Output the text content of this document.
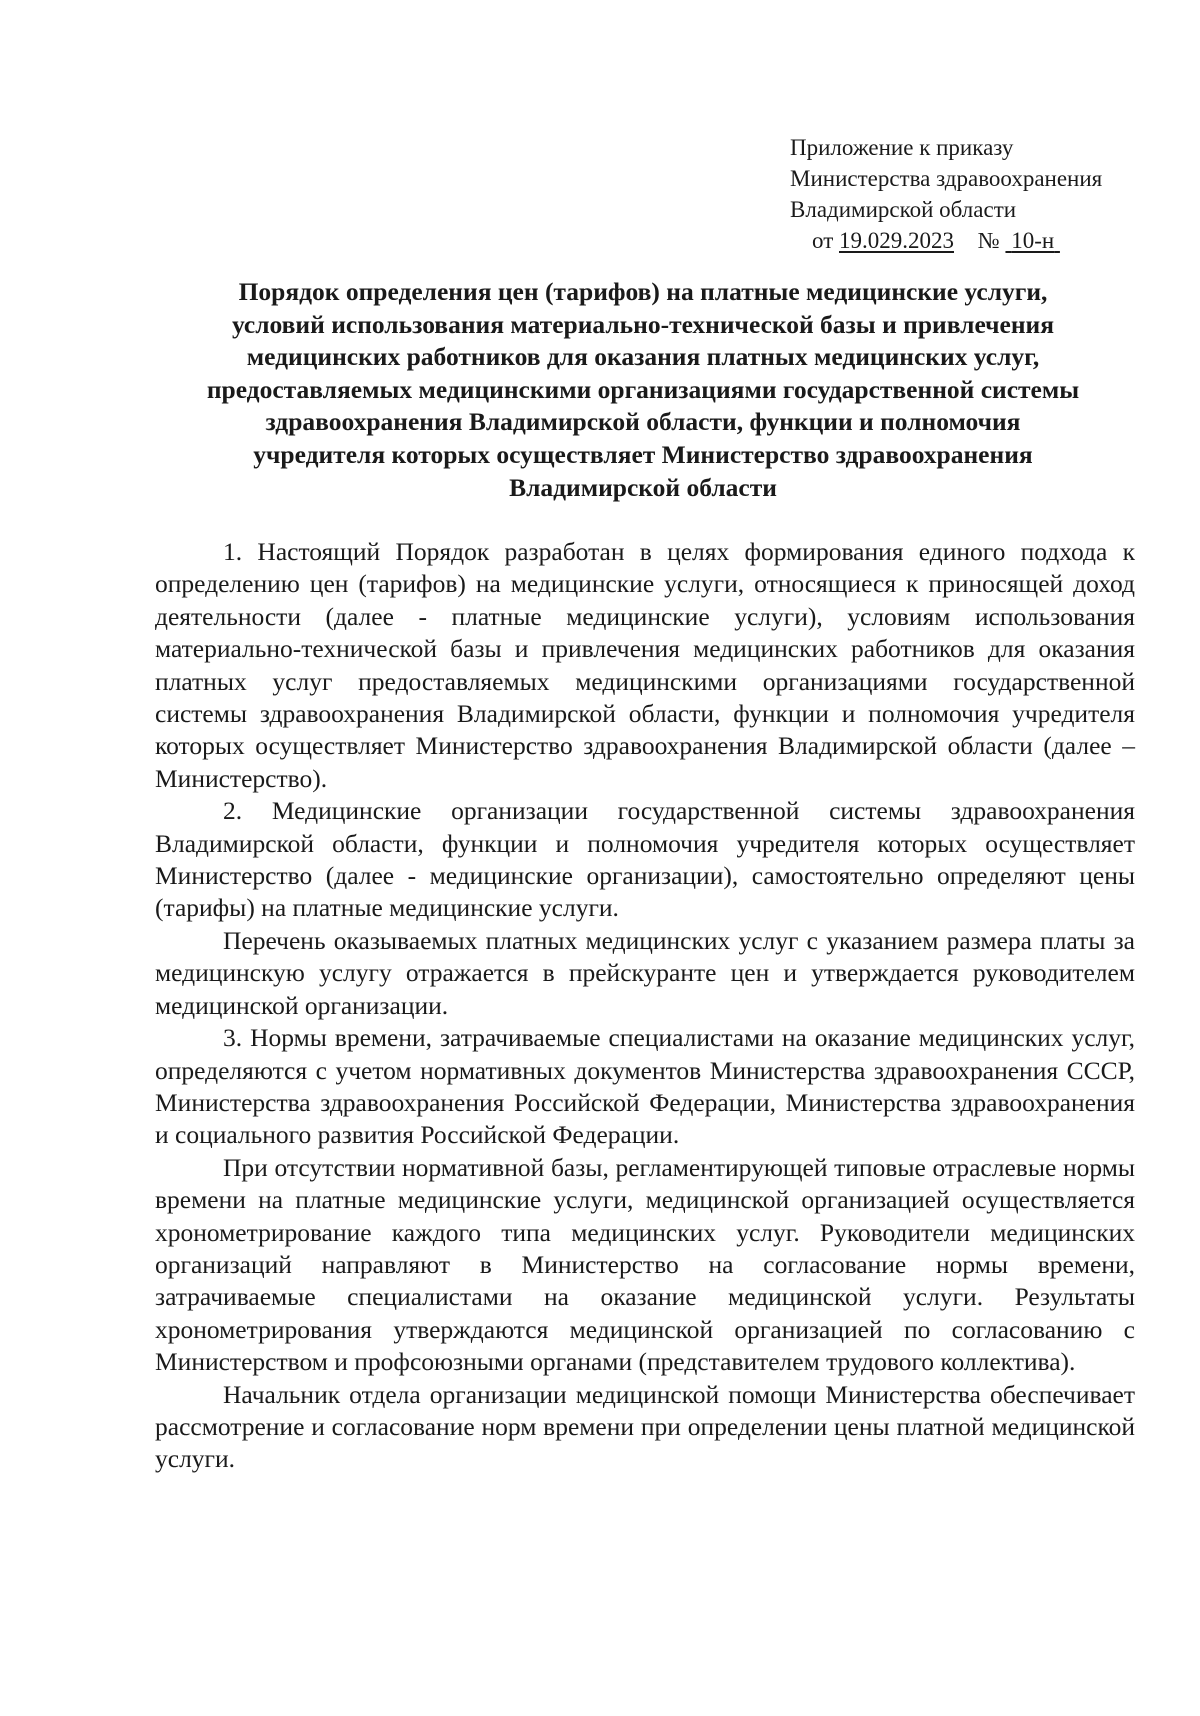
Приложение к приказу
Министерства здравоохранения
Владимирской области
от 19.029.2023 № 10-н
Порядок определения цен (тарифов) на платные медицинские услуги,
условий использования материально-технической базы и привлечения
медицинских работников для оказания платных медицинских услуг,
предоставляемых медицинскими организациями государственной системы
здравоохранения Владимирской области, функции и полномочия
учредителя которых осуществляет Министерство здравоохранения
Владимирской области

1. Настоящий Порядок разработан в целях формирования единого подхода к определению цен (тарифов) на медицинские услуги, относящиеся к приносящей доход деятельности (далее - платные медицинские услуги), условиям использования материально-технической базы и привлечения медицинских работников для оказания платных услуг предоставляемых медицинскими организациями государственной системы здравоохранения Владимирской области, функции и полномочия учредителя которых осуществляет Министерство здравоохранения Владимирской области (далее – Министерство).

2. Медицинские организации государственной системы здравоохранения Владимирской области, функции и полномочия учредителя которых осуществляет Министерство (далее - медицинские организации), самостоятельно определяют цены (тарифы) на платные медицинские услуги.

Перечень оказываемых платных медицинских услуг с указанием размера платы за медицинскую услугу отражается в прейскуранте цен и утверждается руководителем медицинской организации.

3. Нормы времени, затрачиваемые специалистами на оказание медицинских услуг, определяются с учетом нормативных документов Министерства здравоохранения СССР, Министерства здравоохранения Российской Федерации, Министерства здравоохранения и социального развития Российской Федерации.

При отсутствии нормативной базы, регламентирующей типовые отраслевые нормы времени на платные медицинские услуги, медицинской организацией осуществляется хронометрирование каждого типа медицинских услуг. Руководители медицинских организаций направляют в Министерство на согласование нормы времени, затрачиваемые специалистами на оказание медицинской услуги. Результаты хронометрирования утверждаются медицинской организацией по согласованию с Министерством и профсоюзными органами (представителем трудового коллектива).

Начальник отдела организации медицинской помощи Министерства обеспечивает рассмотрение и согласование норм времени при определении цены платной медицинской услуги.
